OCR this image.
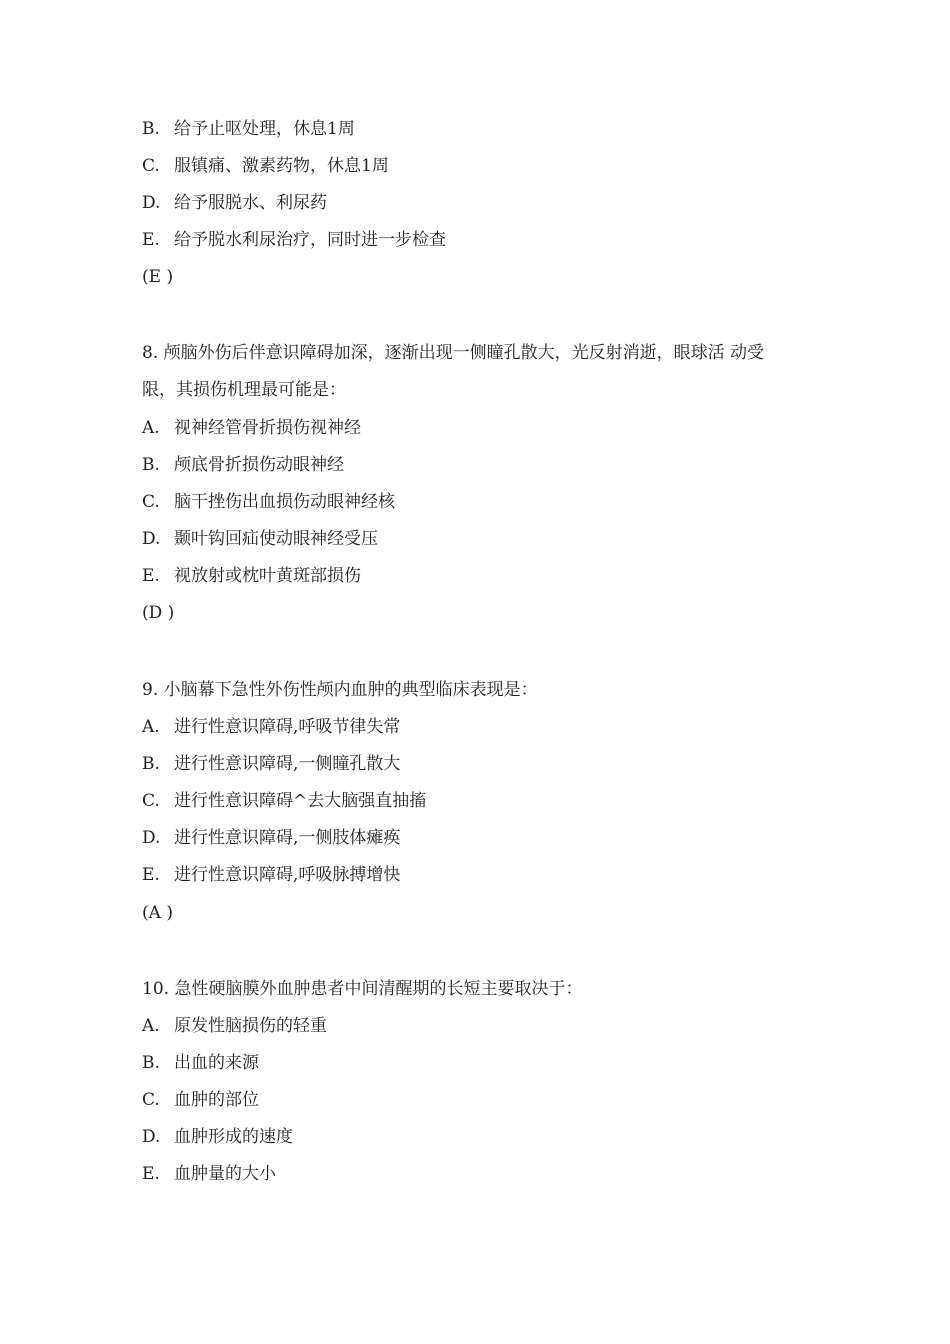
B. 给予止呕处理，休息1周
C. 服镇痛、激素药物，休息1周
D. 给予服脱水、利尿药
E. 给予脱水利尿治疗，同时进一步检查
(E )
8. 颅脑外伤后伴意识障碍加深，逐渐出现一侧瞳孔散大，光反射消逝，眼球活 动受
限，其损伤机理最可能是：
A. 视神经管骨折损伤视神经
B. 颅底骨折损伤动眼神经
C. 脑干挫伤出血损伤动眼神经核
D. 颞叶钩回疝使动眼神经受压
E. 视放射或枕叶黄斑部损伤
(D )
9. 小脑幕下急性外伤性颅内血肿的典型临床表现是：
A. 进行性意识障碍,呼吸节律失常
B. 进行性意识障碍,一侧瞳孔散大
C. 进行性意识障碍^去大脑强直抽搐
D. 进行性意识障碍,一侧肢体瘫痪
E. 进行性意识障碍,呼吸脉搏增快
(A )
10. 急性硬脑膜外血肿患者中间清醒期的长短主要取决于：
A. 原发性脑损伤的轻重
B. 出血的来源
C. 血肿的部位
D. 血肿形成的速度
E. 血肿量的大小
